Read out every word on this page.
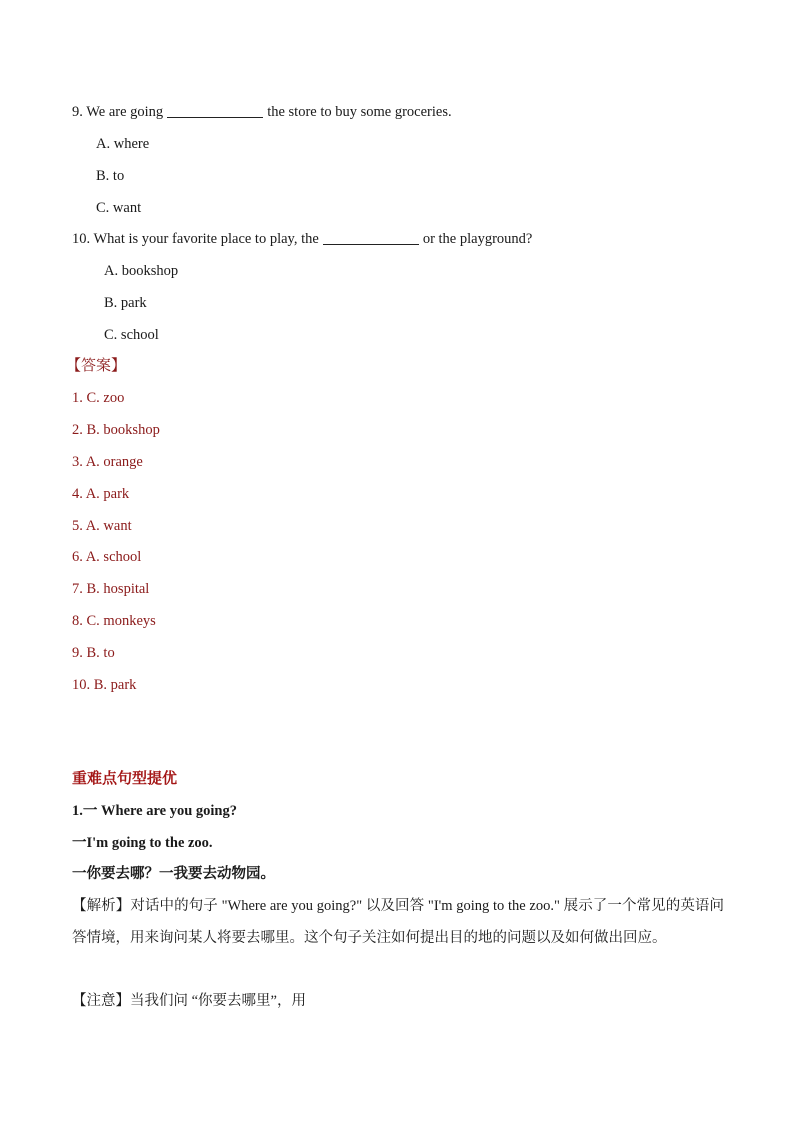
9. We are going	the store to buy some groceries.
A. where
B. to
C. want
10. What is your favorite place to play, the	or the playground?
A. bookshop
B. park
C. school
【答案】
1. C. zoo
2. B. bookshop
3. A. orange
4. A. park
5. A. want
6. A. school
7. B. hospital
8. C. monkeys
9. B. to
10. B. park
重难点句型提优
1.一 Where are you going?
一I'm going to the zoo.
一你要去哪？一我要去动物园。
【解析】对话中的句子 "Where are you going?" 以及回答 "I'm going to the zoo." 展示了一个常见的英语问答情境，用来询问某人将要去哪里。这个句子关注如何提出目的地的问题以及如何做出回应。
【注意】当我们问 “你要去哪里”，用
